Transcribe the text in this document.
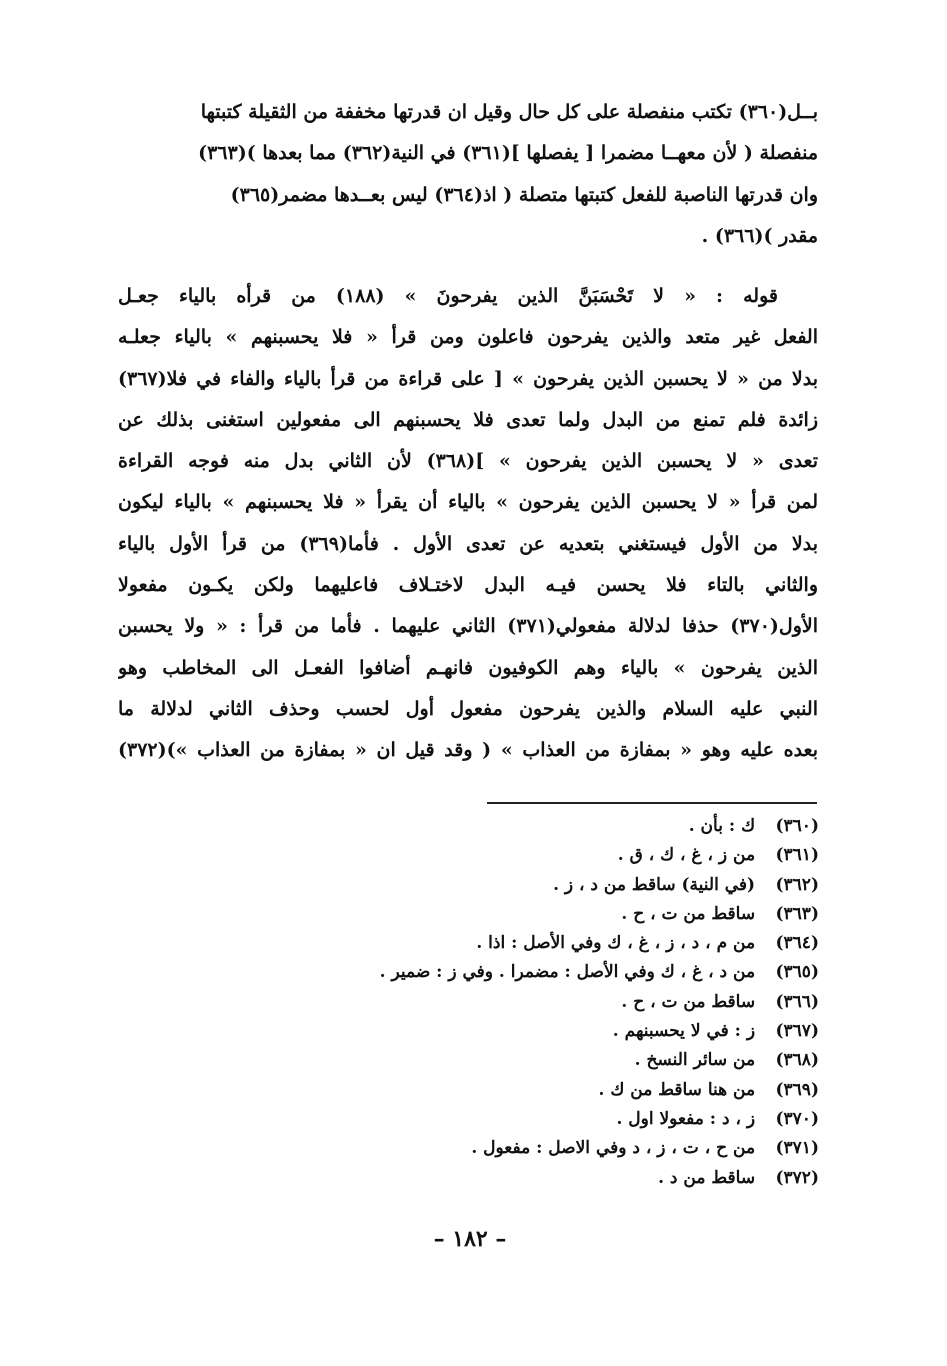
بــل(٣٦٠) تكتب منفصلة على كل حال وقيل ان قدرتها مخففة من الثقيلة كتبتها
منفصلة ( لأن معهــا مضمرا [ يفصلها ](٣٦١) في النية(٣٦٢) مما بعدها )(٣٦٣)
وان قدرتها الناصبة للفعل كتبتها متصلة ( اذ(٣٦٤) ليس بعــدها مضمر(٣٦٥)
مقدر )(٣٦٦) .

قوله : « لا تَحْسَبَنَّ الذين يفرحونَ » (١٨٨) من قرأه بالياء جعـل
الفعل غير متعد والذين يفرحون فاعلون ومن قرأ « فلا يحسبنهم » بالياء جعلـه
بدلا من « لا يحسبن الذين يفرحون » [ على قراءة من قرأ بالياء والفاء في فلا(٣٦٧)
زائدة فلم تمنع من البدل ولما تعدى فلا يحسبنهم الى مفعولين استغنى بذلك عن
تعدى « لا يحسبن الذين يفرحون » ](٣٦٨) لأن الثاني بدل منه فوجه القراءة
لمن قرأ « لا يحسبن الذين يفرحون » بالياء أن يقرأ « فلا يحسبنهم » بالياء ليكون
بدلا من الأول فيستغني بتعديه عن تعدى الأول . فأما(٣٦٩) من قرأ الأول بالياء
والثاني بالتاء فلا يحسن فيـه البدل لاختـلاف فاعليهما ولكن يكـون مفعولا
الأول(٣٧٠) حذفا لدلالة مفعولي(٣٧١) الثاني عليهما . فأما من قرأ : « ولا يحسبن
الذين يفرحون » بالياء وهم الكوفيون فانهـم أضافوا الفعـل الى المخاطب وهو
النبي عليه السلام والذين يفرحون مفعول أول لحسب وحذف الثاني لدلالة ما
بعده عليه وهو « بمفازة من العذاب » ( وقد قيل ان « بمفازة من العذاب »)(٣٧٢)

(٣٦٠) ك : بأن .
(٣٦١) من ز ، غ ، ك ، ق .
(٣٦٢) (في النية) ساقط من د ، ز .
(٣٦٣) ساقط من ت ، ح .
(٣٦٤) من م ، د ، ز ، غ ، ك وفي الأصل : اذا .
(٣٦٥) من د ، غ ، ك وفي الأصل : مضمرا . وفي ز : ضمير .
(٣٦٦) ساقط من ت ، ح .
(٣٦٧) ز : في لا يحسبنهم .
(٣٦٨) من سائر النسخ .
(٣٦٩) من هنا ساقط من ك .
(٣٧٠) ز ، د : مفعولا اول .
(٣٧١) من ح ، ت ، ز ، د وفي الاصل : مفعول .
(٣٧٢) ساقط من د .
– ١٨٢ –
